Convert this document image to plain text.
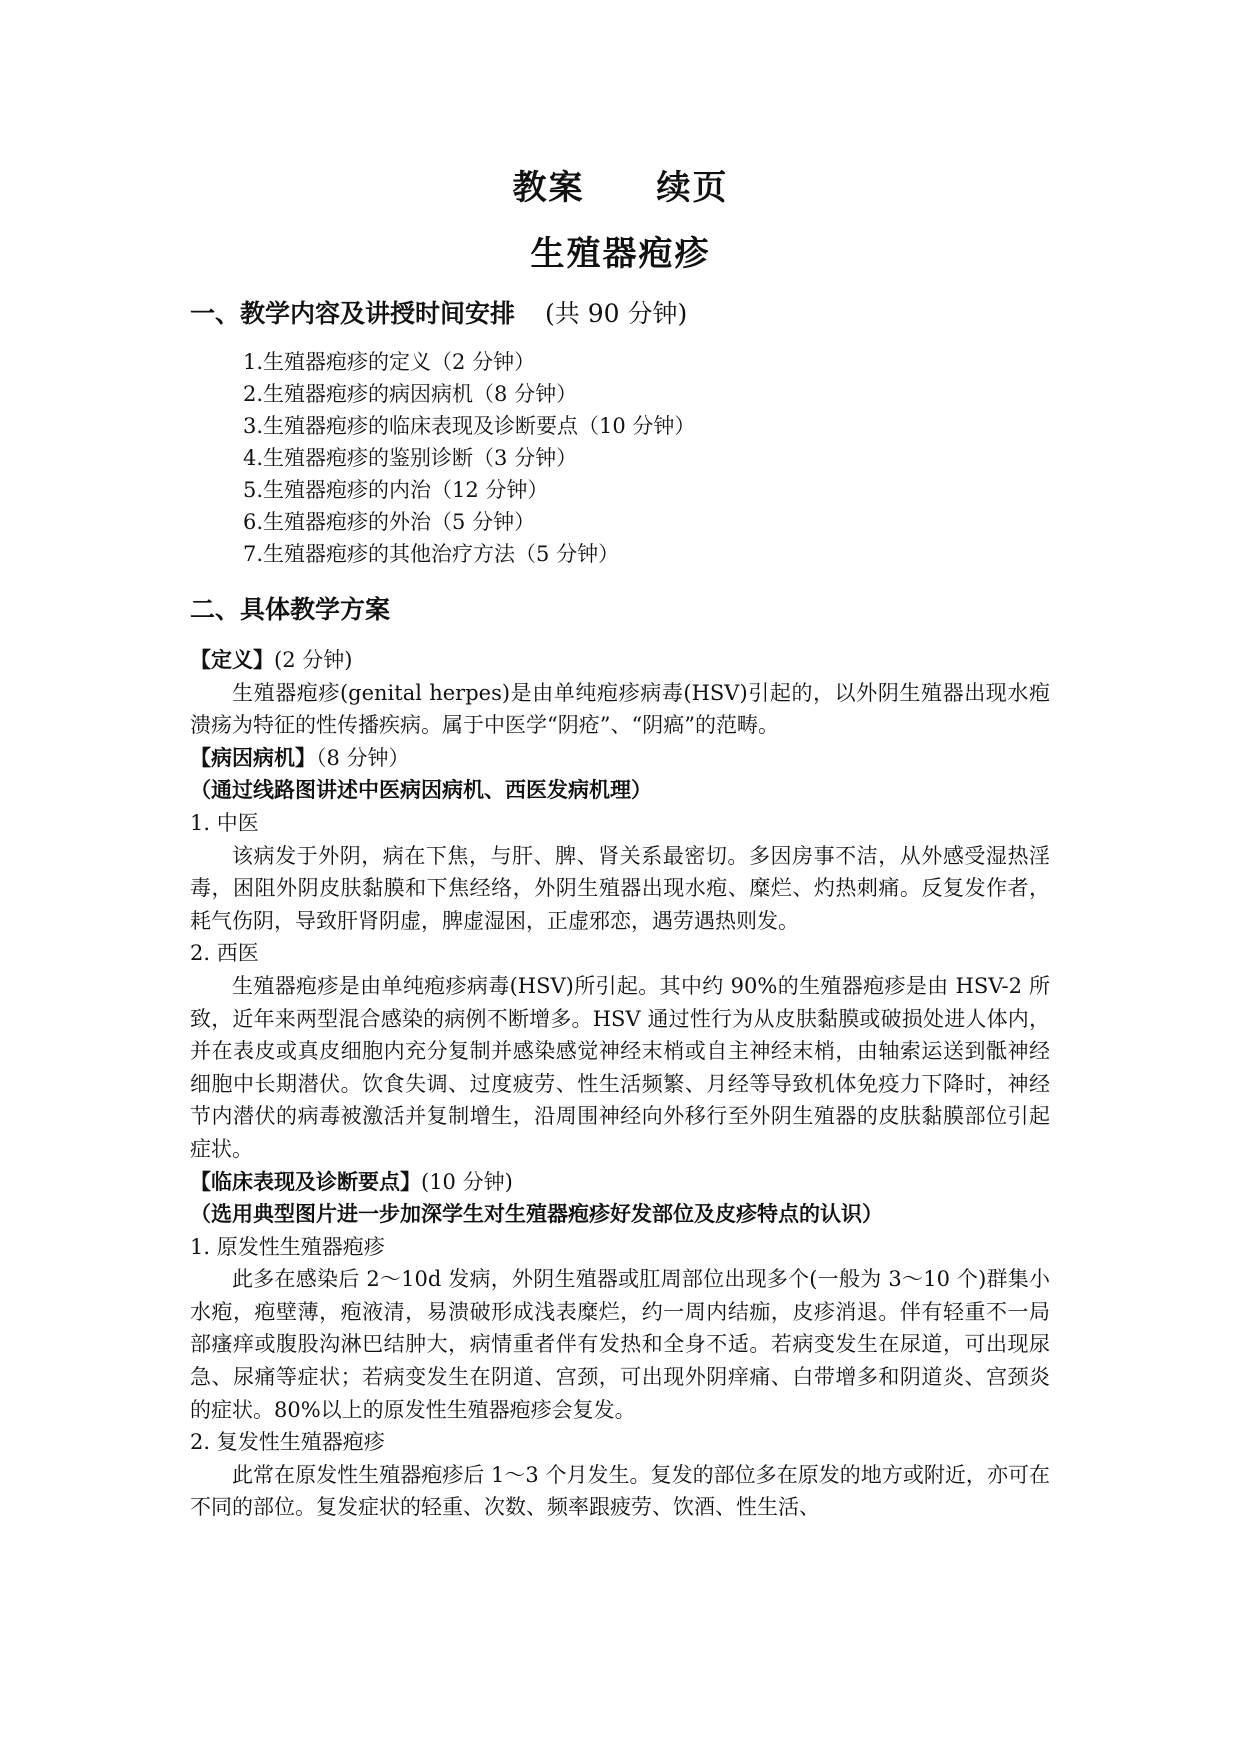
教案　　续页
生殖器疱疹
一、教学内容及讲授时间安排 (共 90 分钟)
1.生殖器疱疹的定义（2 分钟）
2.生殖器疱疹的病因病机（8 分钟）
3.生殖器疱疹的临床表现及诊断要点（10 分钟）
4.生殖器疱疹的鉴别诊断（3 分钟）
5.生殖器疱疹的内治（12 分钟）
6.生殖器疱疹的外治（5 分钟）
7.生殖器疱疹的其他治疗方法（5 分钟）
二、具体教学方案
【定义】(2 分钟)
生殖器疱疹(genital herpes)是由单纯疱疹病毒(HSV)引起的，以外阴生殖器出现水疱溃疡为特征的性传播疾病。属于中医学“阴疮”、“阴瘑”的范畴。
【病因病机】（8 分钟）
（通过线路图讲述中医病因病机、西医发病机理）
1. 中医
该病发于外阴，病在下焦，与肝、脾、肾关系最密切。多因房事不洁，从外感受湿热淫毒，困阻外阴皮肤黏膜和下焦经络，外阴生殖器出现水疱、糜烂、灼热刺痛。反复发作者，耗气伤阴，导致肝肾阴虚，脾虚湿困，正虚邪恋，遇劳遇热则发。
2. 西医
生殖器疱疹是由单纯疱疹病毒(HSV)所引起。其中约 90%的生殖器疱疹是由 HSV-2 所致，近年来两型混合感染的病例不断增多。HSV 通过性行为从皮肤黏膜或破损处进人体内，并在表皮或真皮细胞内充分复制并感染感觉神经末梢或自主神经末梢，由轴索运送到骶神经细胞中长期潜伏。饮食失调、过度疲劳、性生活频繁、月经等导致机体免疫力下降时，神经节内潜伏的病毒被激活并复制增生，沿周围神经向外移行至外阴生殖器的皮肤黏膜部位引起症状。
【临床表现及诊断要点】(10 分钟)
（选用典型图片进一步加深学生对生殖器疱疹好发部位及皮疹特点的认识）
1. 原发性生殖器疱疹
此多在感染后 2～10d 发病，外阴生殖器或肛周部位出现多个(一般为 3～10 个)群集小水疱，疱壁薄，疱液清，易溃破形成浅表糜烂，约一周内结痂，皮疹消退。伴有轻重不一局部瘙痒或腹股沟淋巴结肿大，病情重者伴有发热和全身不适。若病变发生在尿道，可出现尿急、尿痛等症状；若病变发生在阴道、宫颈，可出现外阴痒痛、白带增多和阴道炎、宫颈炎的症状。80%以上的原发性生殖器疱疹会复发。
2. 复发性生殖器疱疹
此常在原发性生殖器疱疹后 1～3 个月发生。复发的部位多在原发的地方或附近，亦可在不同的部位。复发症状的轻重、次数、频率跟疲劳、饮酒、性生活、
